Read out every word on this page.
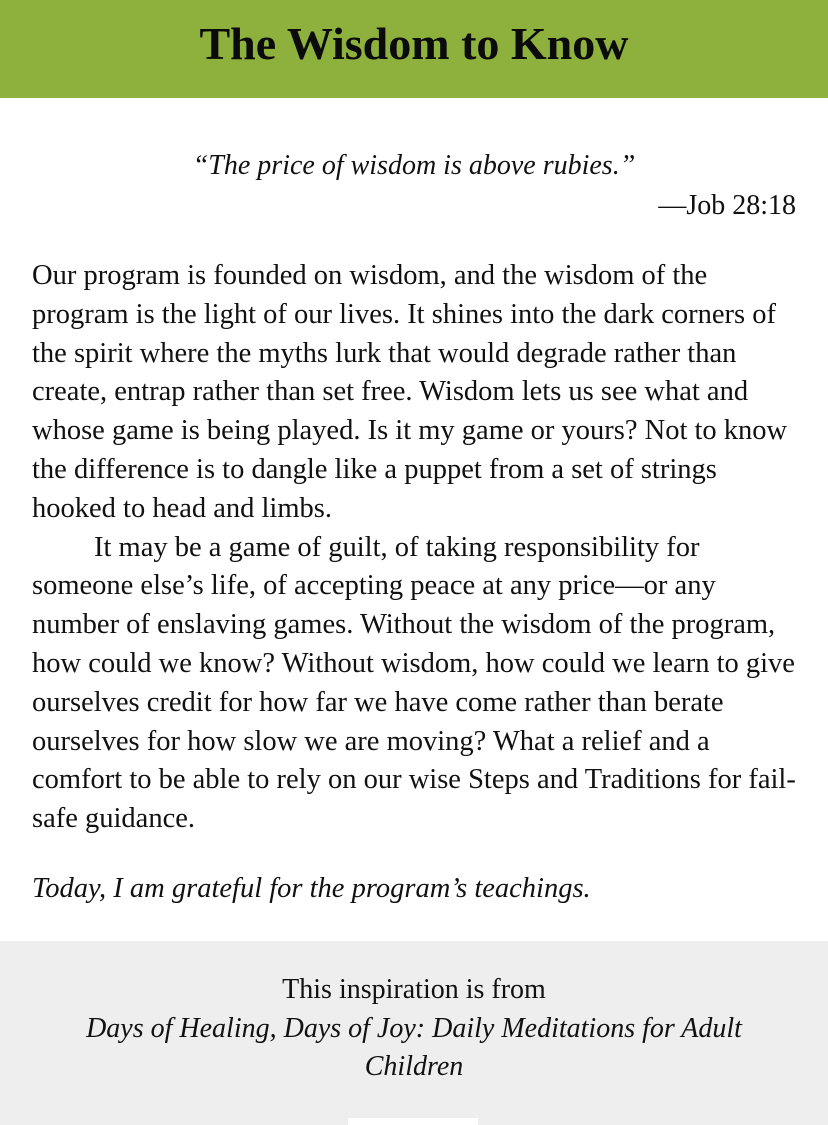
The Wisdom to Know
“The price of wisdom is above rubies.”
—Job 28:18

Our program is founded on wisdom, and the wisdom of the program is the light of our lives. It shines into the dark corners of the spirit where the myths lurk that would degrade rather than create, entrap rather than set free. Wisdom lets us see what and whose game is being played. Is it my game or yours? Not to know the difference is to dangle like a puppet from a set of strings hooked to head and limbs.

It may be a game of guilt, of taking responsibility for someone else’s life, of accepting peace at any price—or any number of enslaving games. Without the wisdom of the program, how could we know? Without wisdom, how could we learn to give ourselves credit for how far we have come rather than berate ourselves for how slow we are moving? What a relief and a comfort to be able to rely on our wise Steps and Traditions for fail-safe guidance.

Today, I am grateful for the program’s teachings.
This inspiration is from
Days of Healing, Days of Joy: Daily Meditations for Adult Children
